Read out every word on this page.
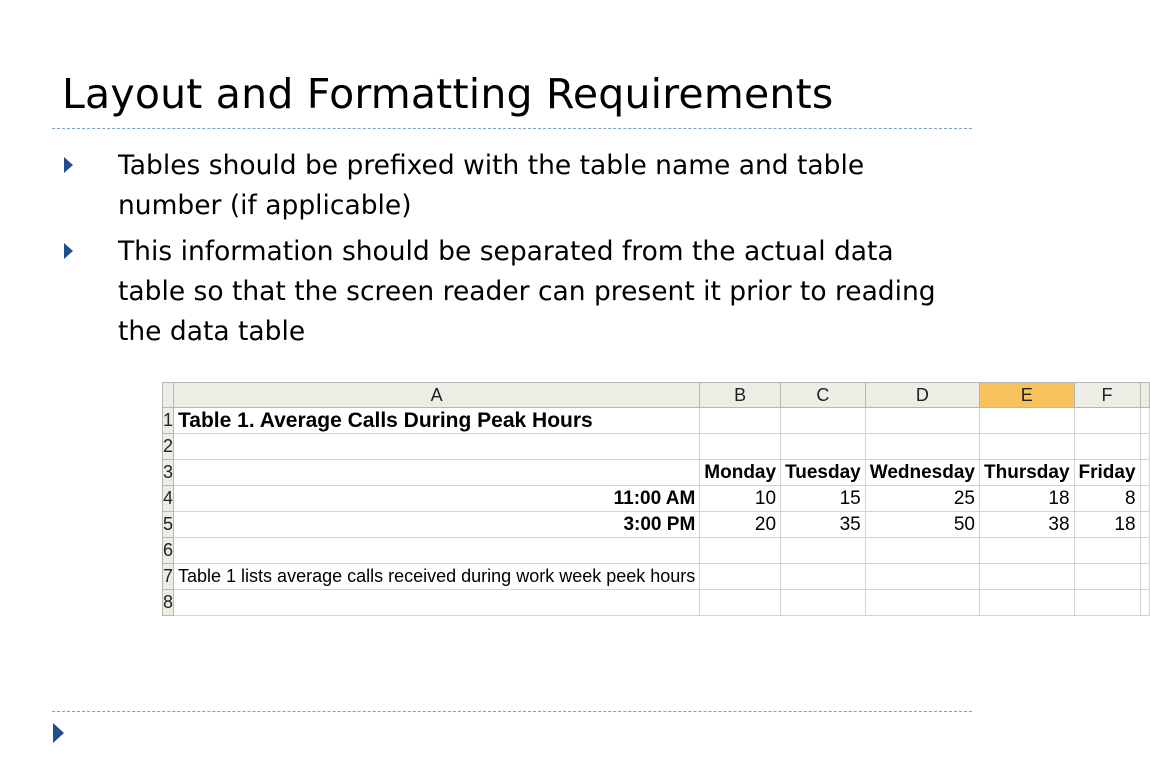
Layout and Formatting Requirements
Tables should be prefixed with the table name and table number (if applicable)
This information should be separated from the actual data table so that the screen reader can present it prior to reading the data table
	A	B	C	D	E	F	
1	Table 1. Average Calls During Peak Hours						
2							
3		Monday	Tuesday	Wednesday	Thursday	Friday	
4	11:00 AM	10	15	25	18	8	
5	3:00 PM	20	35	50	38	18	
6							
7	Table 1 lists average calls received during work week peek hours						
8							
